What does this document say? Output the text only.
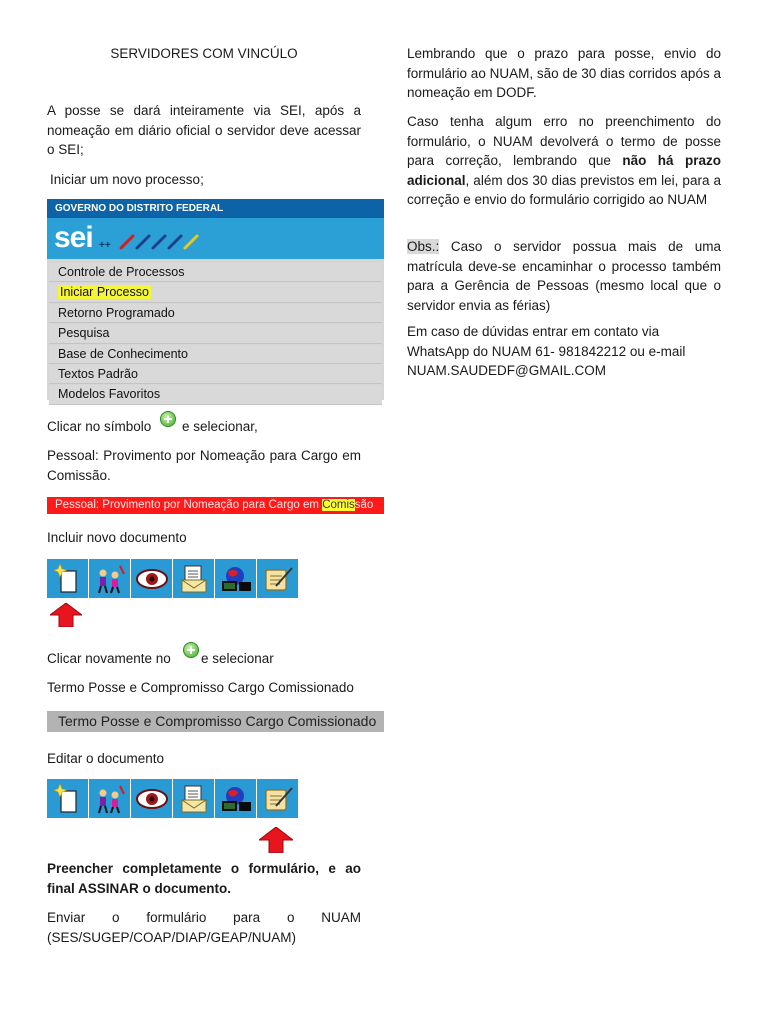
SERVIDORES COM VINCÚLO
A posse se dará inteiramente via SEI, após a nomeação em diário oficial o servidor deve acessar o SEI;
Iniciar um novo processo;
GOVERNO DO DISTRITO FEDERAL
sei ++
Controle de Processos
Iniciar Processo
Retorno Programado
Pesquisa
Base de Conhecimento
Textos Padrão
Modelos Favoritos
Clicar no símbolo e selecionar,
Pessoal: Provimento por Nomeação para Cargo em Comissão.
Pessoal: Provimento por Nomeação para Cargo em Comissão
Incluir novo documento
Clicar novamente no e selecionar
Termo Posse e Compromisso Cargo Comissionado
Termo Posse e Compromisso Cargo Comissionado
Editar o documento
Preencher completamente o formulário, e ao final ASSINAR o documento.
Enviar o formulário para o NUAM (SES/SUGEP/COAP/DIAP/GEAP/NUAM)
Lembrando que o prazo para posse, envio do formulário ao NUAM, são de 30 dias corridos após a nomeação em DODF.
Caso tenha algum erro no preenchimento do formulário, o NUAM devolverá o termo de posse para correção, lembrando que não há prazo adicional, além dos 30 dias previstos em lei, para a correção e envio do formulário corrigido ao NUAM
Obs.: Caso o servidor possua mais de uma matrícula deve-se encaminhar o processo também para a Gerência de Pessoas (mesmo local que o servidor envia as férias)
Em caso de dúvidas entrar em contato via WhatsApp do NUAM 61- 981842212 ou e-mail NUAM.SAUDEDF@GMAIL.COM
